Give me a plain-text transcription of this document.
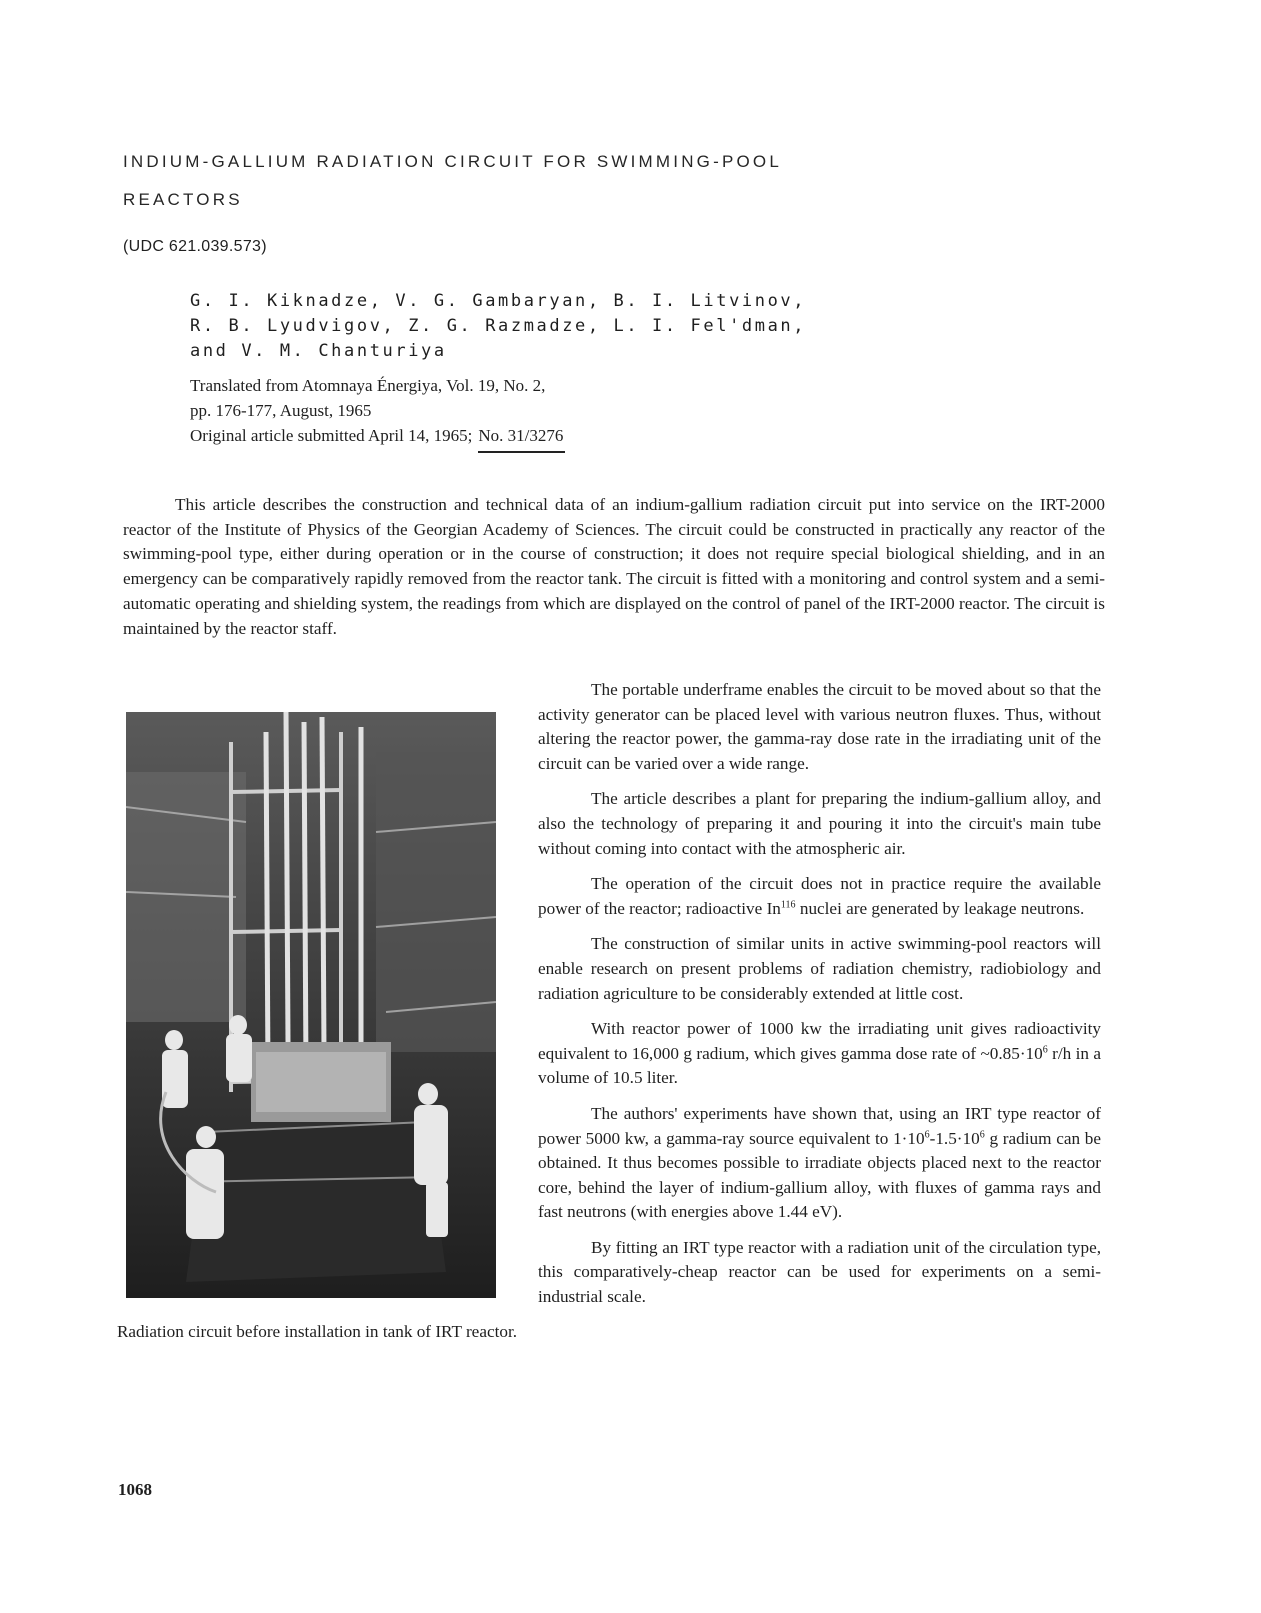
INDIUM-GALLIUM RADIATION CIRCUIT FOR SWIMMING-POOL
REACTORS
(UDC 621.039.573)
G. I. Kiknadze, V. G. Gambaryan, B. I. Litvinov,
R. B. Lyudvigov, Z. G. Razmadze, L. I. Fel'dman,
and V. M. Chanturiya
Translated from Atomnaya Énergiya, Vol. 19, No. 2,
pp. 176-177, August, 1965
Original article submitted April 14, 1965; No. 31/3276

This article describes the construction and technical data of an indium-gallium radiation circuit put into service on the IRT-2000 reactor of the Institute of Physics of the Georgian Academy of Sciences. The circuit could be constructed in practically any reactor of the swimming-pool type, either during operation or in the course of construction; it does not require special biological shielding, and in an emergency can be comparatively rapidly removed from the reactor tank. The circuit is fitted with a monitoring and control system and a semi-automatic operating and shielding system, the readings from which are displayed on the control of panel of the IRT-2000 reactor. The circuit is maintained by the reactor staff.

Radiation circuit before installation in tank of IRT reactor.

The portable underframe enables the circuit to be moved about so that the activity generator can be placed level with various neutron fluxes. Thus, without altering the reactor power, the gamma-ray dose rate in the irradiating unit of the circuit can be varied over a wide range.

The article describes a plant for preparing the indium-gallium alloy, and also the technology of preparing it and pouring it into the circuit's main tube without coming into contact with the atmospheric air.

The operation of the circuit does not in practice require the available power of the reactor; radioactive In$^{116}$ nuclei are generated by leakage neutrons.

The construction of similar units in active swimming-pool reactors will enable research on present problems of radiation chemistry, radiobiology and radiation agriculture to be considerably extended at little cost.

With reactor power of 1000 kw the irradiating unit gives radioactivity equivalent to 16,000 g radium, which gives gamma dose rate of $\sim 0.85\cdot 10^6$ r/h in a volume of 10.5 liter.

The authors' experiments have shown that, using an IRT type reactor of power 5000 kw, a gamma-ray source equivalent to $1\cdot 10^6-1.5\cdot 10^6$ g radium can be obtained. It thus becomes possible to irradiate objects placed next to the reactor core, behind the layer of indium-gallium alloy, with fluxes of gamma rays and fast neutrons (with energies above 1.44 eV).

By fitting an IRT type reactor with a radiation unit of the circulation type, this comparatively-cheap reactor can be used for experiments on a semi-industrial scale.

1068
